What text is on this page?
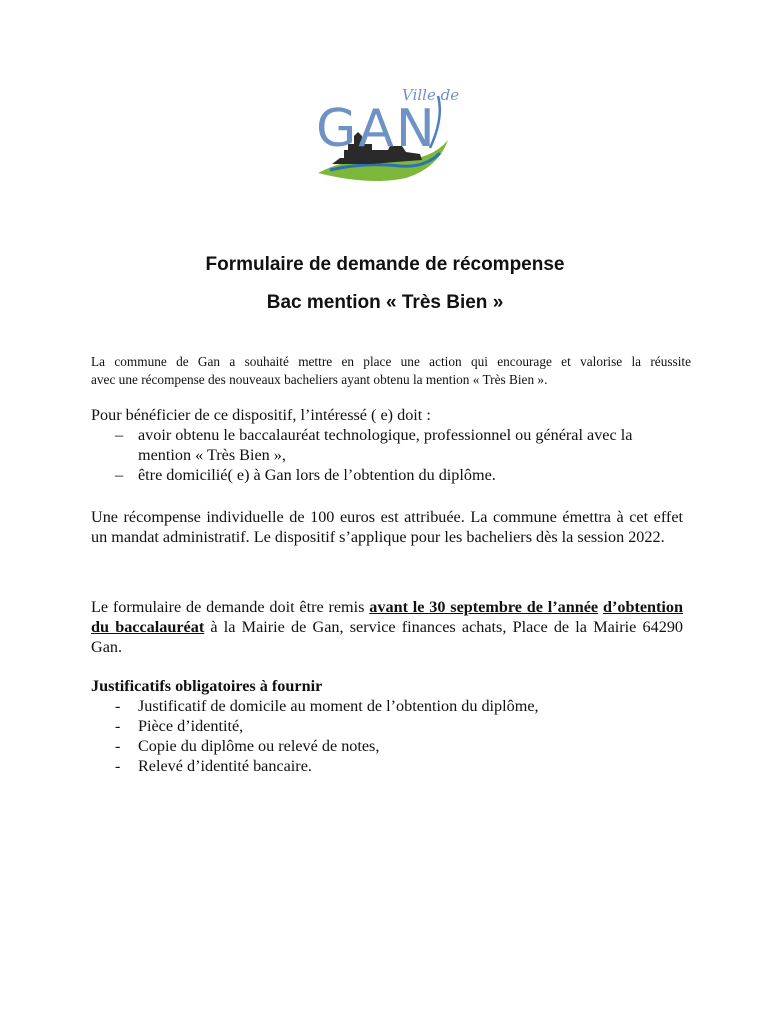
GAN
Ville de
Formulaire de demande de récompense
Bac mention « Très Bien »
La commune de Gan a souhaité mettre en place une action qui encourage et valorise la réussite
avec une récompense des nouveaux bacheliers ayant obtenu la mention « Très Bien ».
Pour bénéficier de ce dispositif, l’intéressé ( e) doit :
– avoir obtenu le baccalauréat technologique, professionnel ou général avec la mention « Très Bien »,
– être domicilié( e) à Gan lors de l’obtention du diplôme.
Une récompense individuelle de 100 euros est attribuée. La commune émettra à cet effet un mandat administratif. Le dispositif s’applique pour les bacheliers dès la session 2022.
Le formulaire de demande doit être remis avant le 30 septembre de l’année d’obtention du baccalauréat à la Mairie de Gan, service finances achats, Place de la Mairie 64290 Gan.
Justificatifs obligatoires à fournir
- Justificatif de domicile au moment de l’obtention du diplôme,
- Pièce d’identité,
- Copie du diplôme ou relevé de notes,
- Relevé d’identité bancaire.
